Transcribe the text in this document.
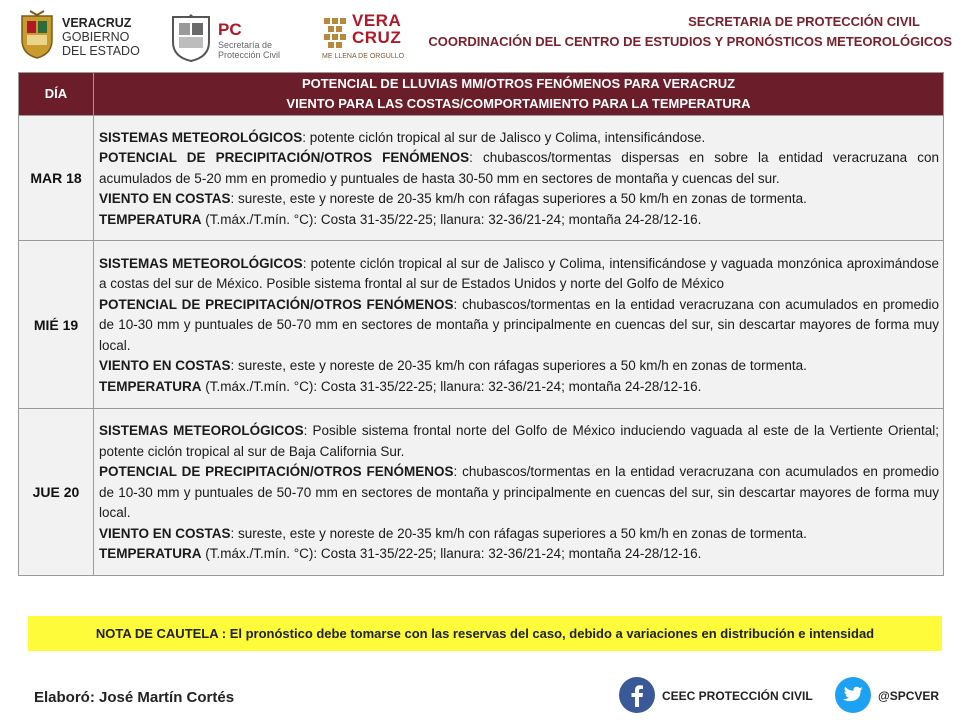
VERACRUZ
GOBIERNO
DEL ESTADO
PC
Secretaría de
Protección Civil
VERA
CRUZ
ME LLENA DE ORGULLO
SECRETARIA DE PROTECCIÓN CIVIL
COORDINACIÓN DEL CENTRO DE ESTUDIOS Y PRONÓSTICOS METEOROLÓGICOS
DÍA	POTENCIAL DE LLUVIAS MM/OTROS FENÓMENOS PARA VERACRUZ
VIENTO PARA LAS COSTAS/COMPORTAMIENTO PARA LA TEMPERATURA
MAR 18	SISTEMAS METEOROLÓGICOS: potente ciclón tropical al sur de Jalisco y Colima, intensificándose.
POTENCIAL DE PRECIPITACIÓN/OTROS FENÓMENOS: chubascos/tormentas dispersas en sobre la entidad veracruzana con acumulados de 5-20 mm en promedio y puntuales de hasta 30-50 mm en sectores de montaña y cuencas del sur.
VIENTO EN COSTAS: sureste, este y noreste de 20-35 km/h con ráfagas superiores a 50 km/h en zonas de tormenta.
TEMPERATURA (T.máx./T.mín. °C): Costa 31-35/22-25; llanura: 32-36/21-24; montaña 24-28/12-16.
MIÉ 19	SISTEMAS METEOROLÓGICOS: potente ciclón tropical al sur de Jalisco y Colima, intensificándose y vaguada monzónica aproximándose a costas del sur de México. Posible sistema frontal al sur de Estados Unidos y norte del Golfo de México
POTENCIAL DE PRECIPITACIÓN/OTROS FENÓMENOS: chubascos/tormentas en la entidad veracruzana con acumulados en promedio de 10-30 mm y puntuales de 50-70 mm en sectores de montaña y principalmente en cuencas del sur, sin descartar mayores de forma muy local.
VIENTO EN COSTAS: sureste, este y noreste de 20-35 km/h con ráfagas superiores a 50 km/h en zonas de tormenta.
TEMPERATURA (T.máx./T.mín. °C): Costa 31-35/22-25; llanura: 32-36/21-24; montaña 24-28/12-16.
JUE 20	SISTEMAS METEOROLÓGICOS: Posible sistema frontal norte del Golfo de México induciendo vaguada al este de la Vertiente Oriental; potente ciclón tropical al sur de Baja California Sur.
POTENCIAL DE PRECIPITACIÓN/OTROS FENÓMENOS: chubascos/tormentas en la entidad veracruzana con acumulados en promedio de 10-30 mm y puntuales de 50-70 mm en sectores de montaña y principalmente en cuencas del sur, sin descartar mayores de forma muy local.
VIENTO EN COSTAS: sureste, este y noreste de 20-35 km/h con ráfagas superiores a 50 km/h en zonas de tormenta.
TEMPERATURA (T.máx./T.mín. °C): Costa 31-35/22-25; llanura: 32-36/21-24; montaña 24-28/12-16.
NOTA DE CAUTELA : El pronóstico debe tomarse con las reservas del caso, debido a variaciones en distribución e intensidad
Elaboró: José Martín Cortés	CEEC PROTECCIÓN CIVIL	@SPCVER
